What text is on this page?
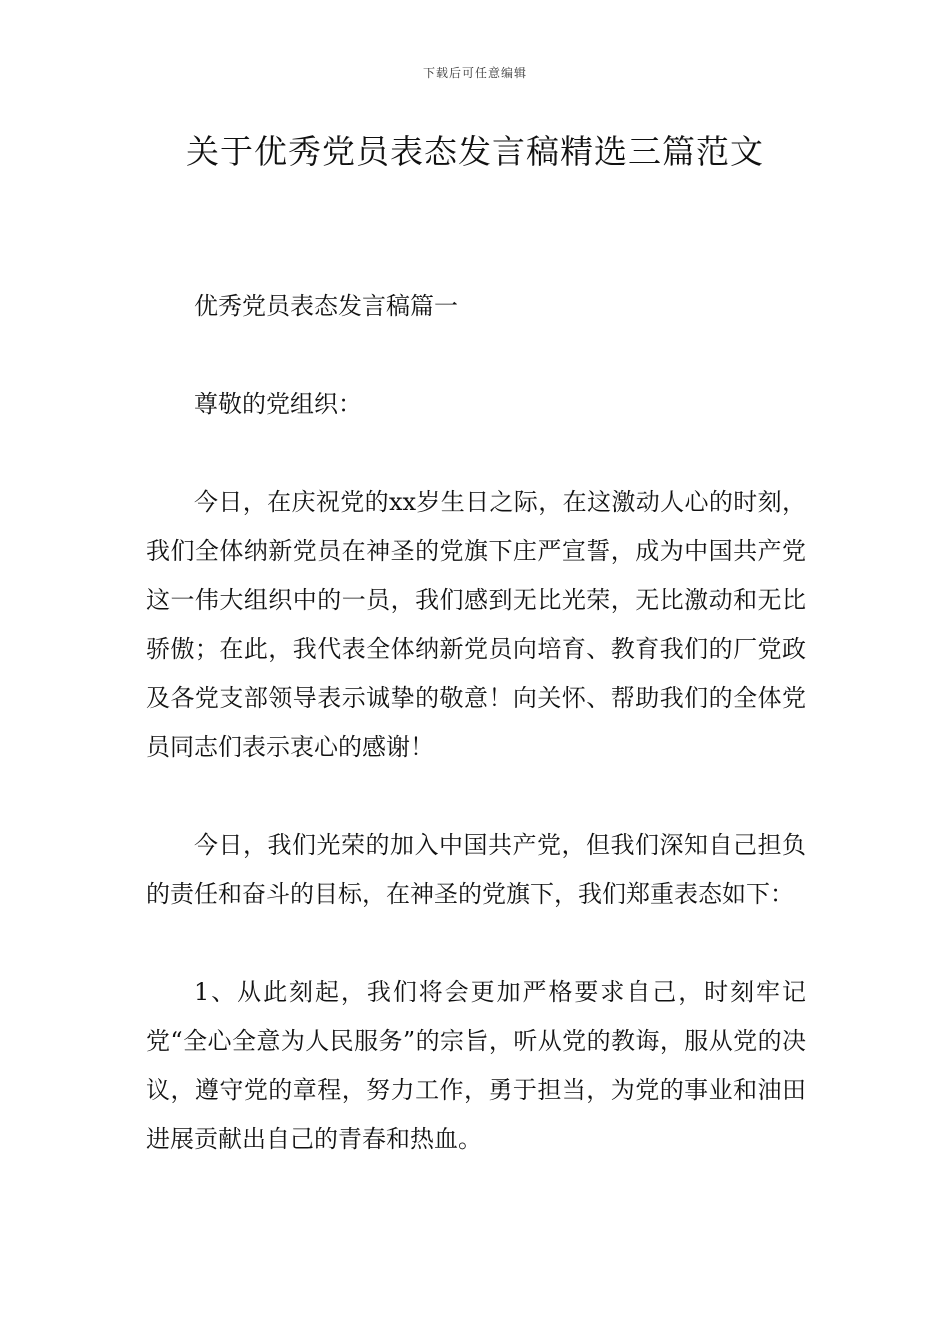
下载后可任意编辑
关于优秀党员表态发言稿精选三篇范文

优秀党员表态发言稿篇一

尊敬的党组织：

今日，在庆祝党的xx岁生日之际，在这激动人心的时刻，我们全体纳新党员在神圣的党旗下庄严宣誓，成为中国共产党这一伟大组织中的一员，我们感到无比光荣，无比激动和无比骄傲；在此，我代表全体纳新党员向培育、教育我们的厂党政及各党支部领导表示诚挚的敬意！向关怀、帮助我们的全体党员同志们表示衷心的感谢！

今日，我们光荣的加入中国共产党，但我们深知自己担负的责任和奋斗的目标，在神圣的党旗下，我们郑重表态如下：

1、从此刻起，我们将会更加严格要求自己，时刻牢记党“全心全意为人民服务”的宗旨，听从党的教诲，服从党的决议，遵守党的章程，努力工作，勇于担当，为党的事业和油田进展贡献出自己的青春和热血。
